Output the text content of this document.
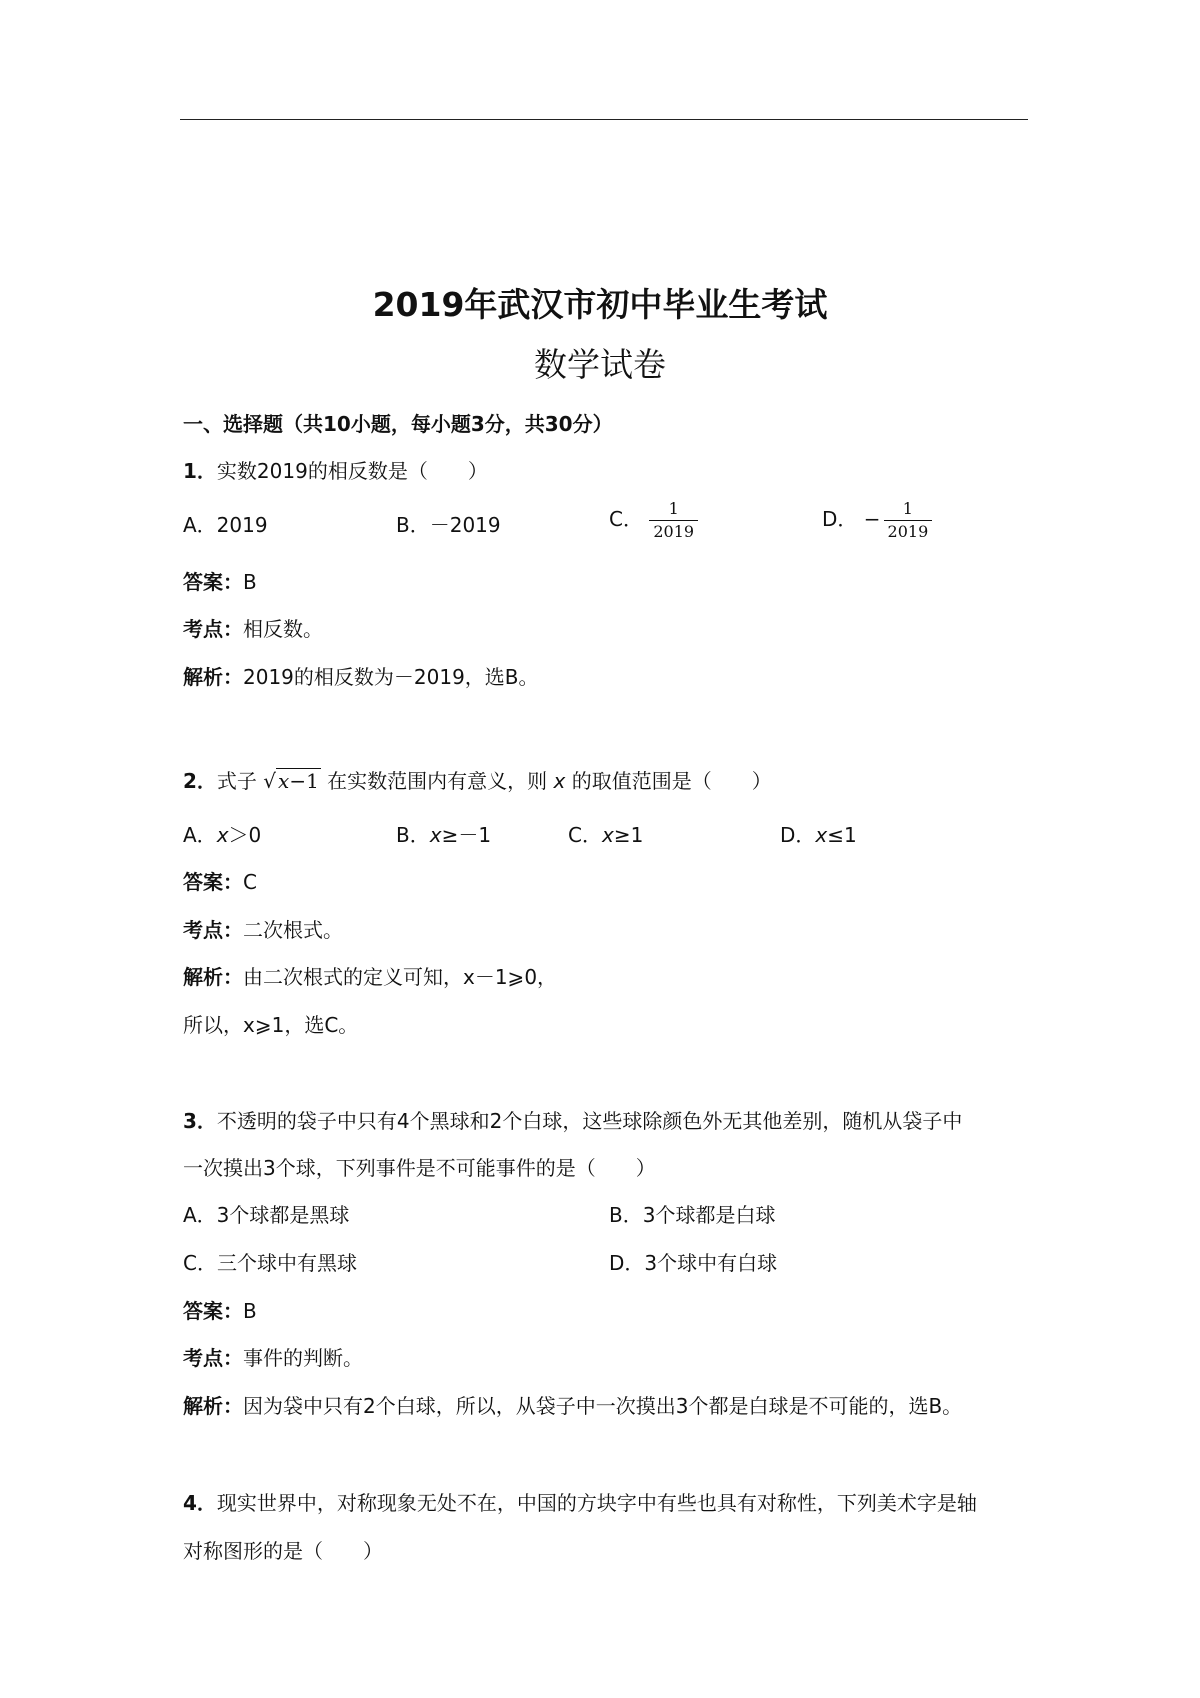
2019年武汉市初中毕业生考试
数学试卷
一、选择题（共10小题，每小题3分，共30分）
1．实数2019的相反数是（　　）
A．2019	B．－2019	C． $\frac{1}{2019}$	D． − $\frac{1}{2019}$
答案：B
考点：相反数。
解析：2019的相反数为－2019，选B。
2．式子 √ x−1 在实数范围内有意义，则 x 的取值范围是（　　）
A．x＞0	B．x≥－1	C．x≥1	D．x≤1
答案：C
考点：二次根式。
解析：由二次根式的定义可知，x－1⩾0，
所以，x⩾1，选C。
3．不透明的袋子中只有4个黑球和2个白球，这些球除颜色外无其他差别，随机从袋子中
一次摸出3个球，下列事件是不可能事件的是（　　）
A．3个球都是黑球	B．3个球都是白球
C．三个球中有黑球	D．3个球中有白球
答案：B
考点：事件的判断。
解析：因为袋中只有2个白球，所以，从袋子中一次摸出3个都是白球是不可能的，选B。
4．现实世界中，对称现象无处不在，中国的方块字中有些也具有对称性，下列美术字是轴
对称图形的是（　　）
